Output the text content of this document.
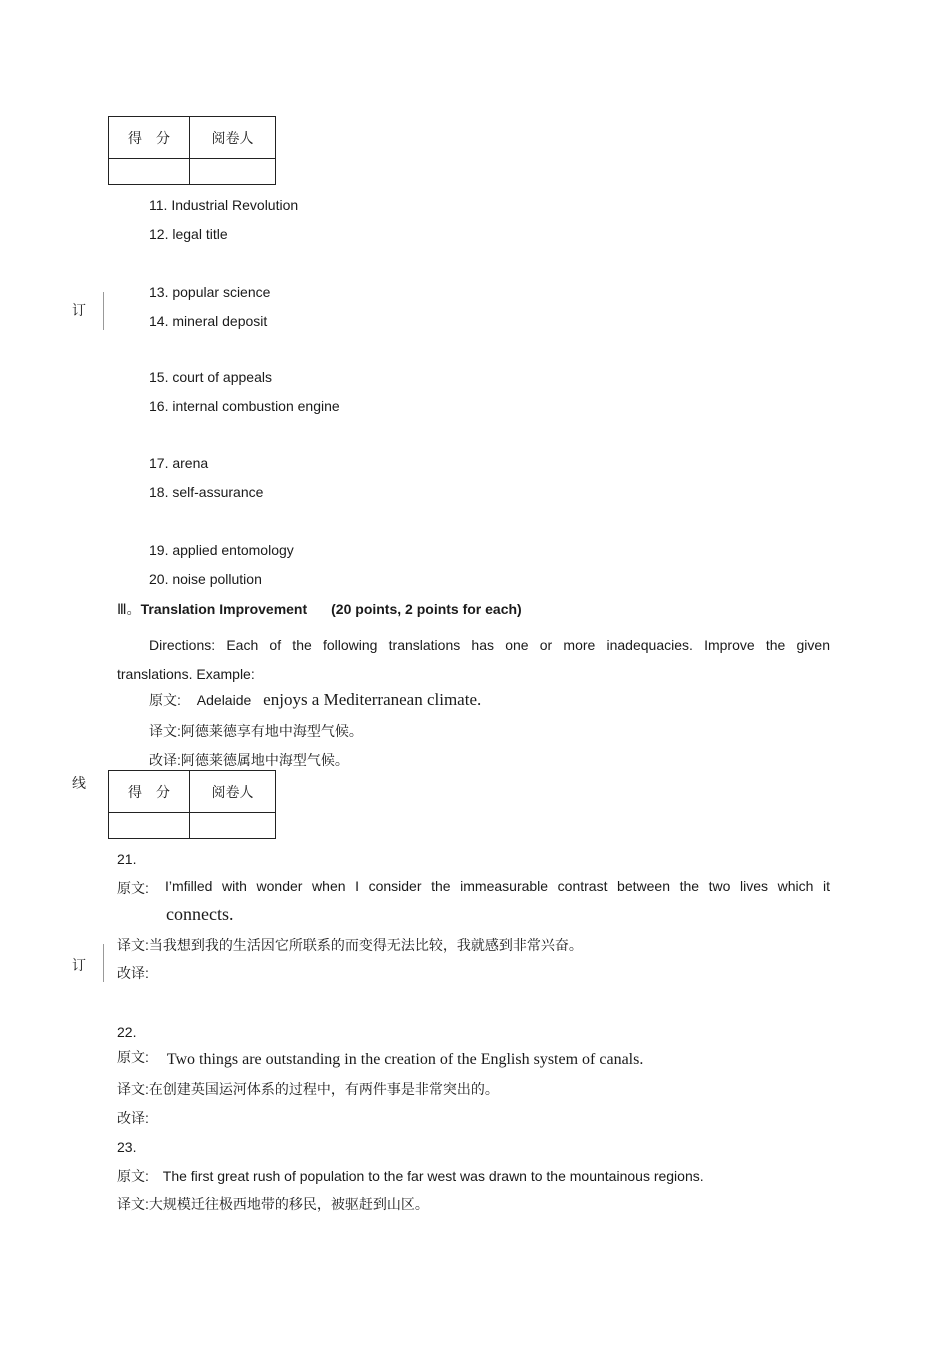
得　分	阅卷人

订
线
订
11. Industrial Revolution
12. legal title
13. popular science
14. mineral deposit
15. court of appeals
16. internal combustion engine
17. arena
18. self-assurance
19. applied entomology
20. noise pollution
Ⅲ。Translation Improvement (20 points, 2 points for each)
Directions: Each of the following translations has one or more inadequacies. Improve the given
translations. Example:
原文: Adelaide enjoys a Mediterranean climate.
译文:阿德莱德享有地中海型气候。
改译:阿德莱德属地中海型气候。
得　分	阅卷人

21.
原文: I’mfilled with wonder when I consider the immeasurable contrast between the two lives which it
connects.
译文:当我想到我的生活因它所联系的而变得无法比较，我就感到非常兴奋。
改译:
22.
原文: Two things are outstanding in the creation of the English system of canals.
译文:在创建英国运河体系的过程中，有两件事是非常突出的。
改译:
23.
原文: The first great rush of population to the far west was drawn to the mountainous regions.
译文:大规模迁往极西地带的移民，被驱赶到山区。
